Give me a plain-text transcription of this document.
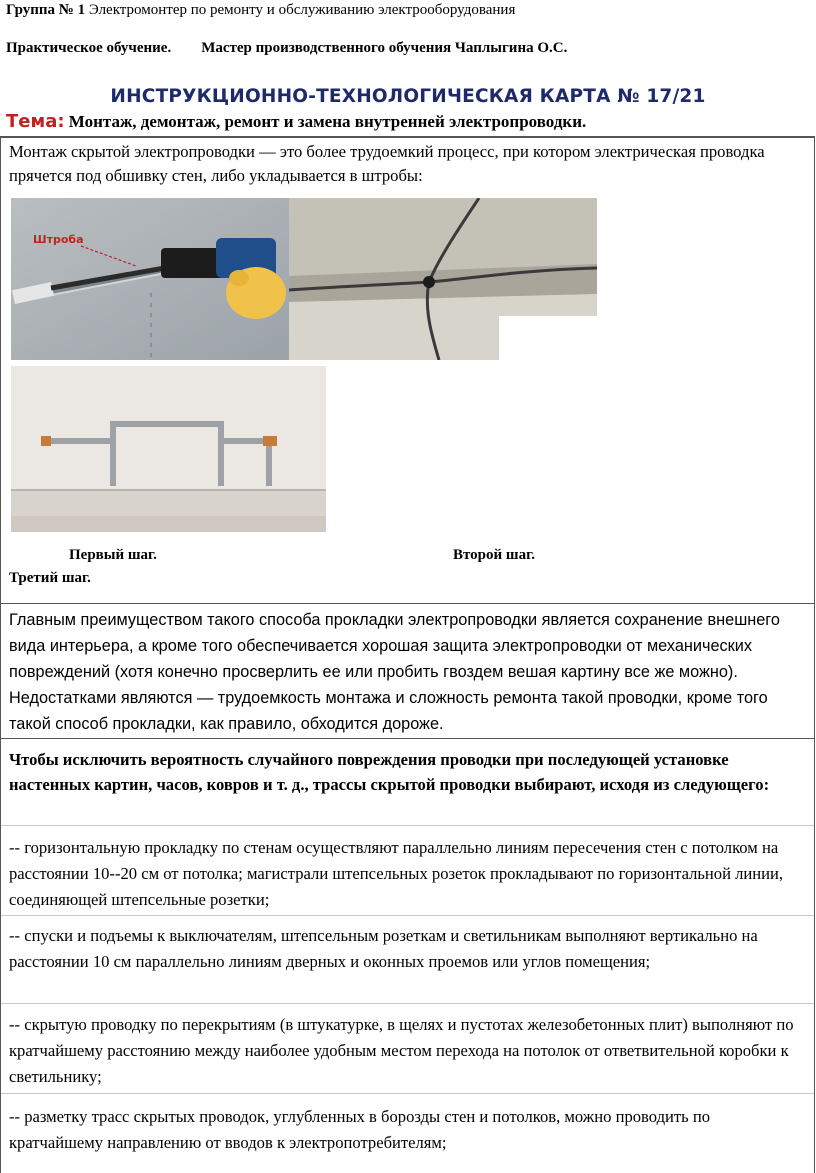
Группа № 1 Электромонтер по ремонту и обслуживанию электрооборудования
Практическое обучение. Мастер производственного обучения Чаплыгина О.С.
ИНСТРУКЦИОННО-ТЕХНОЛОГИЧЕСКАЯ КАРТА № 17/21
Тема: Монтаж, демонтаж, ремонт и замена внутренней электропроводки.
Монтаж скрытой электропроводки — это более трудоемкий процесс, при котором электрическая проводка прячется под обшивку стен, либо укладывается в штробы:
Штроба
Первый шаг.	Второй шаг.
Третий шаг.
Главным преимуществом такого способа прокладки электропроводки является сохранение внешнего вида интерьера, а кроме того обеспечивается хорошая защита электропроводки от механических повреждений (хотя конечно просверлить ее или пробить гвоздем вешая картину все же можно). Недостатками являются — трудоемкость монтажа и сложность ремонта такой проводки, кроме того такой способ прокладки, как правило, обходится дороже.
Чтобы исключить вероятность случайного повреждения проводки при последующей установке настенных картин, часов, ковров и т. д., трассы скрытой проводки выбирают, исходя из следующего:
-- горизонтальную прокладку по стенам осуществляют параллельно линиям пересечения стен с потолком на расстоянии 10--20 см от потолка; магистрали штепсельных розеток прокладывают по горизонтальной линии, соединяющей штепсельные розетки;
-- спуски и подъемы к выключателям, штепсельным розеткам и светильникам выполняют вертикально на расстоянии 10 см параллельно линиям дверных и оконных проемов или углов помещения;
-- скрытую проводку по перекрытиям (в штукатурке, в щелях и пустотах железобетонных плит) выполняют по кратчайшему расстоянию между наиболее удобным местом перехода на потолок от ответвительной коробки к светильнику;
-- разметку трасс скрытых проводок, углубленных в борозды стен и потолков, можно проводить по кратчайшему направлению от вводов к электропотребителям;
